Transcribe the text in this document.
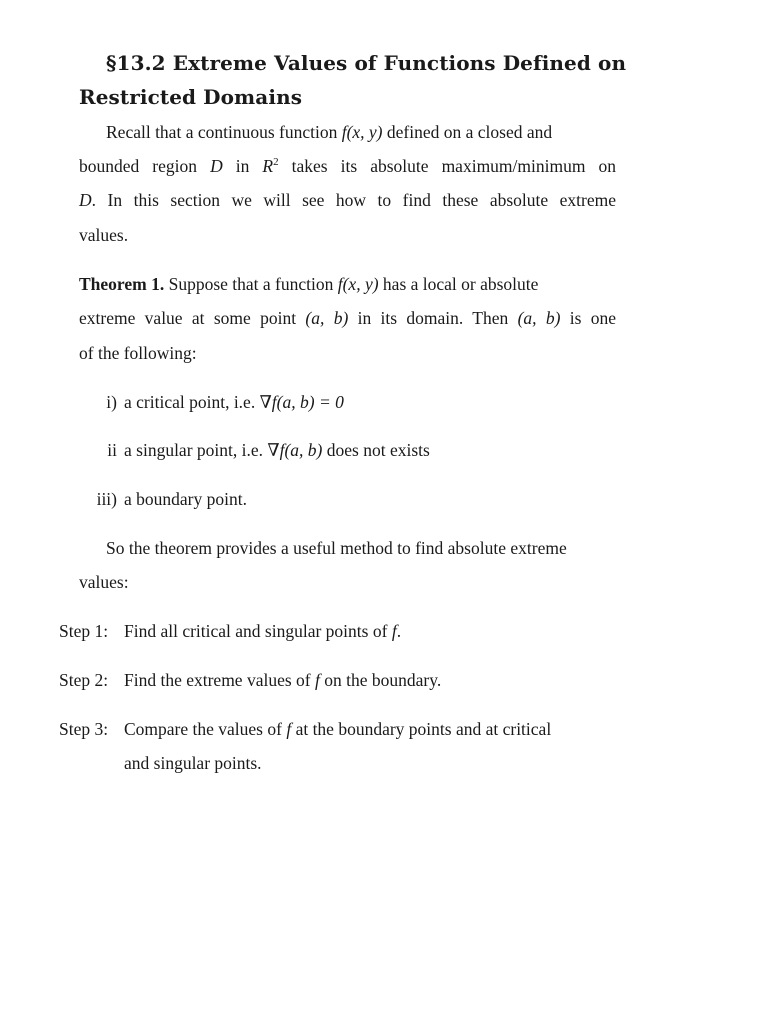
§13.2 Extreme Values of Functions Defined on
Restricted Domains
Recall that a continuous function f(x, y) defined on a closed and
bounded region D in $R^2$ takes its absolute maximum/minimum on
D. In this section we will see how to find these absolute extreme
values.
Theorem 1. Suppose that a function f(x, y) has a local or absolute
extreme value at some point (a, b) in its domain. Then (a, b) is one
of the following:
i) a critical point, i.e. ∇f(a, b) = 0
ii a singular point, i.e. ∇f(a, b) does not exists
iii) a boundary point.
So the theorem provides a useful method to find absolute extreme
values:
Step 1: Find all critical and singular points of f.
Step 2: Find the extreme values of f on the boundary.
Step 3: Compare the values of f at the boundary points and at critical
and singular points.
